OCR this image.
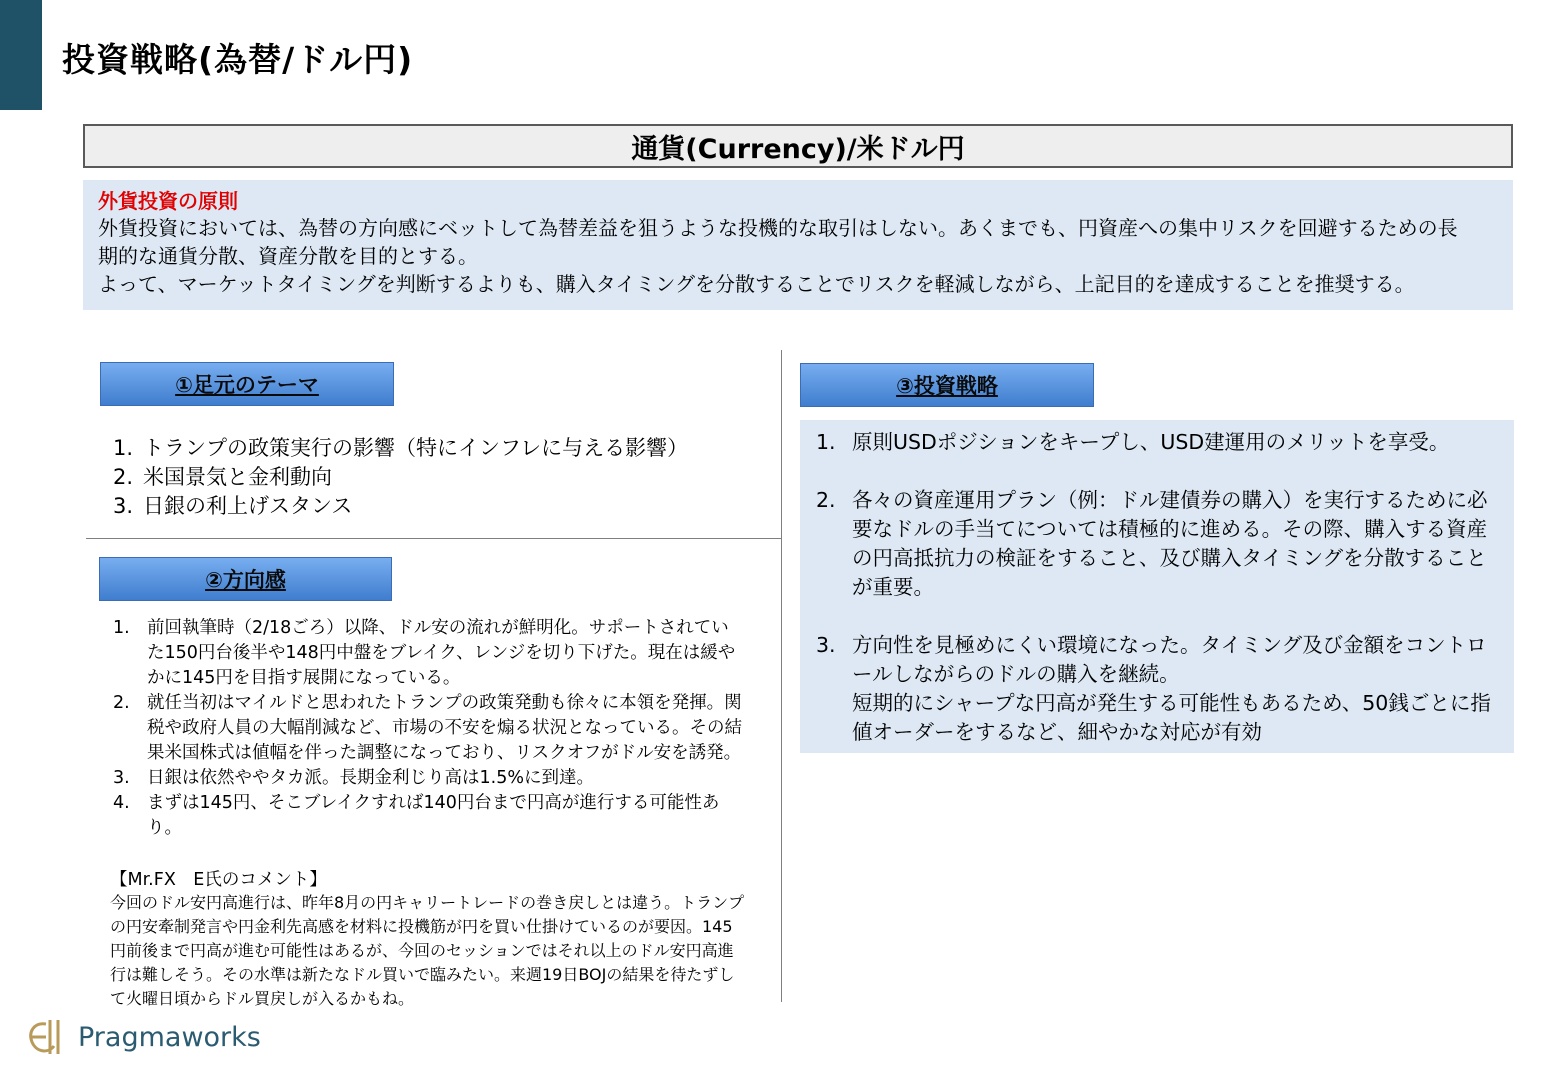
投資戦略(為替/ドル円)
通貨(Currency)/米ドル円
外貨投資の原則

外貨投資においては、為替の方向感にベットして為替差益を狙うような投機的な取引はしない。あくまでも、円資産への集中リスクを回避するための長

期的な通貨分散、資産分散を目的とする。

よって、マーケットタイミングを判断するよりも、購入タイミングを分散することでリスクを軽減しながら、上記目的を達成することを推奨する。

①足元のテーマ
1. トランプの政策実行の影響（特にインフレに与える影響）
2. 米国景気と金利動向
3. 日銀の利上げスタンス
②方向感
1. 前回執筆時（2/18ごろ）以降、ドル安の流れが鮮明化。サポートされていた150円台後半や148円中盤をブレイク、レンジを切り下げた。現在は緩やかに145円を目指す展開になっている。
2. 就任当初はマイルドと思われたトランプの政策発動も徐々に本領を発揮。関税や政府人員の大幅削減など、市場の不安を煽る状況となっている。その結果米国株式は値幅を伴った調整になっており、リスクオフがドル安を誘発。
3. 日銀は依然ややタカ派。長期金利じり高は1.5%に到達。
4. まずは145円、そこブレイクすれば140円台まで円高が進行する可能性あり。
【Mr.FX　E氏のコメント】
今回のドル安円高進行は、昨年8月の円キャリートレードの巻き戻しとは違う。トランプの円安牽制発言や円金利先高感を材料に投機筋が円を買い仕掛けているのが要因。145円前後まで円高が進む可能性はあるが、今回のセッションではそれ以上のドル安円高進行は難しそう。その水準は新たなドル買いで臨みたい。来週19日BOJの結果を待たずして火曜日頃からドル買戻しが入るかもね。
③投資戦略
1. 原則USDポジションをキープし、USD建運用のメリットを享受。
2. 各々の資産運用プラン（例：ドル建債券の購入）を実行するために必要なドルの手当てについては積極的に進める。その際、購入する資産の円高抵抗力の検証をすること、及び購入タイミングを分散することが重要。
3. 方向性を見極めにくい環境になった。タイミング及び金額をコントロールしながらのドルの購入を継続。
短期的にシャープな円高が発生する可能性もあるため、50銭ごとに指値オーダーをするなど、細やかな対応が有効
Pragmaworks
